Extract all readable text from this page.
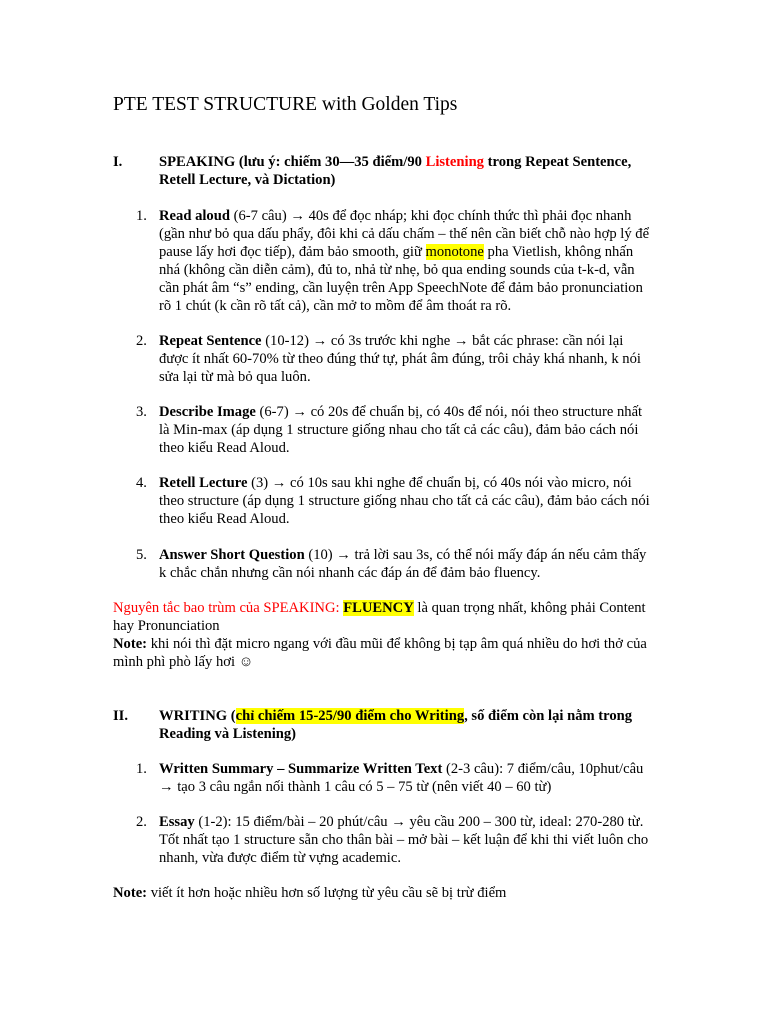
PTE TEST STRUCTURE with Golden Tips
I.	SPEAKING (lưu ý: chiếm 30—35 điểm/90 Listening trong Repeat Sentence, Retell Lecture, và Dictation)
1. Read aloud (6-7 câu) → 40s để đọc nháp; khi đọc chính thức thì phải đọc nhanh (gần như bỏ qua dấu phẩy, đôi khi cả dấu chấm – thế nên cần biết chỗ nào hợp lý để pause lấy hơi đọc tiếp), đảm bảo smooth, giữ monotone pha Vietlish, không nhấn nhá (không cần diễn cảm), đủ to, nhả từ nhẹ, bỏ qua ending sounds của t-k-d, vẫn cần phát âm “s” ending, cần luyện trên App SpeechNote để đảm bảo pronunciation rõ 1 chút (k cần rõ tất cả), cần mở to mồm để âm thoát ra rõ.
2. Repeat Sentence (10-12) → có 3s trước khi nghe → bắt các phrase: cần nói lại được ít nhất 60-70% từ theo đúng thứ tự, phát âm đúng, trôi chảy khá nhanh, k nói sửa lại từ mà bỏ qua luôn.
3. Describe Image (6-7) → có 20s để chuẩn bị, có 40s để nói, nói theo structure nhất là Min-max (áp dụng 1 structure giống nhau cho tất cả các câu), đảm bảo cách nói theo kiểu Read Aloud.
4. Retell Lecture (3) → có 10s sau khi nghe để chuẩn bị, có 40s nói vào micro, nói theo structure (áp dụng 1 structure giống nhau cho tất cả các câu), đảm bảo cách nói theo kiểu Read Aloud.
5. Answer Short Question (10) → trả lời sau 3s, có thể nói mấy đáp án nếu cảm thấy k chắc chắn nhưng cần nói nhanh các đáp án để đảm bảo fluency.
Nguyên tắc bao trùm của SPEAKING: FLUENCY là quan trọng nhất, không phải Content hay Pronunciation
Note: khi nói thì đặt micro ngang với đầu mũi để không bị tạp âm quá nhiều do hơi thở của mình phì phò lấy hơi ☺
II. WRITING (chỉ chiếm 15-25/90 điểm cho Writing, số điểm còn lại nằm trong Reading và Listening)
1. Written Summary – Summarize Written Text (2-3 câu): 7 điểm/câu, 10phut/câu → tạo 3 câu ngắn nối thành 1 câu có 5 – 75 từ (nên viết 40 – 60 từ)
2. Essay (1-2): 15 điểm/bài – 20 phút/câu → yêu cầu 200 – 300 từ, ideal: 270-280 từ. Tốt nhất tạo 1 structure sẵn cho thân bài – mở bài – kết luận để khi thi viết luôn cho nhanh, vừa được điểm từ vựng academic.
Note: viết ít hơn hoặc nhiều hơn số lượng từ yêu cầu sẽ bị trừ điểm
